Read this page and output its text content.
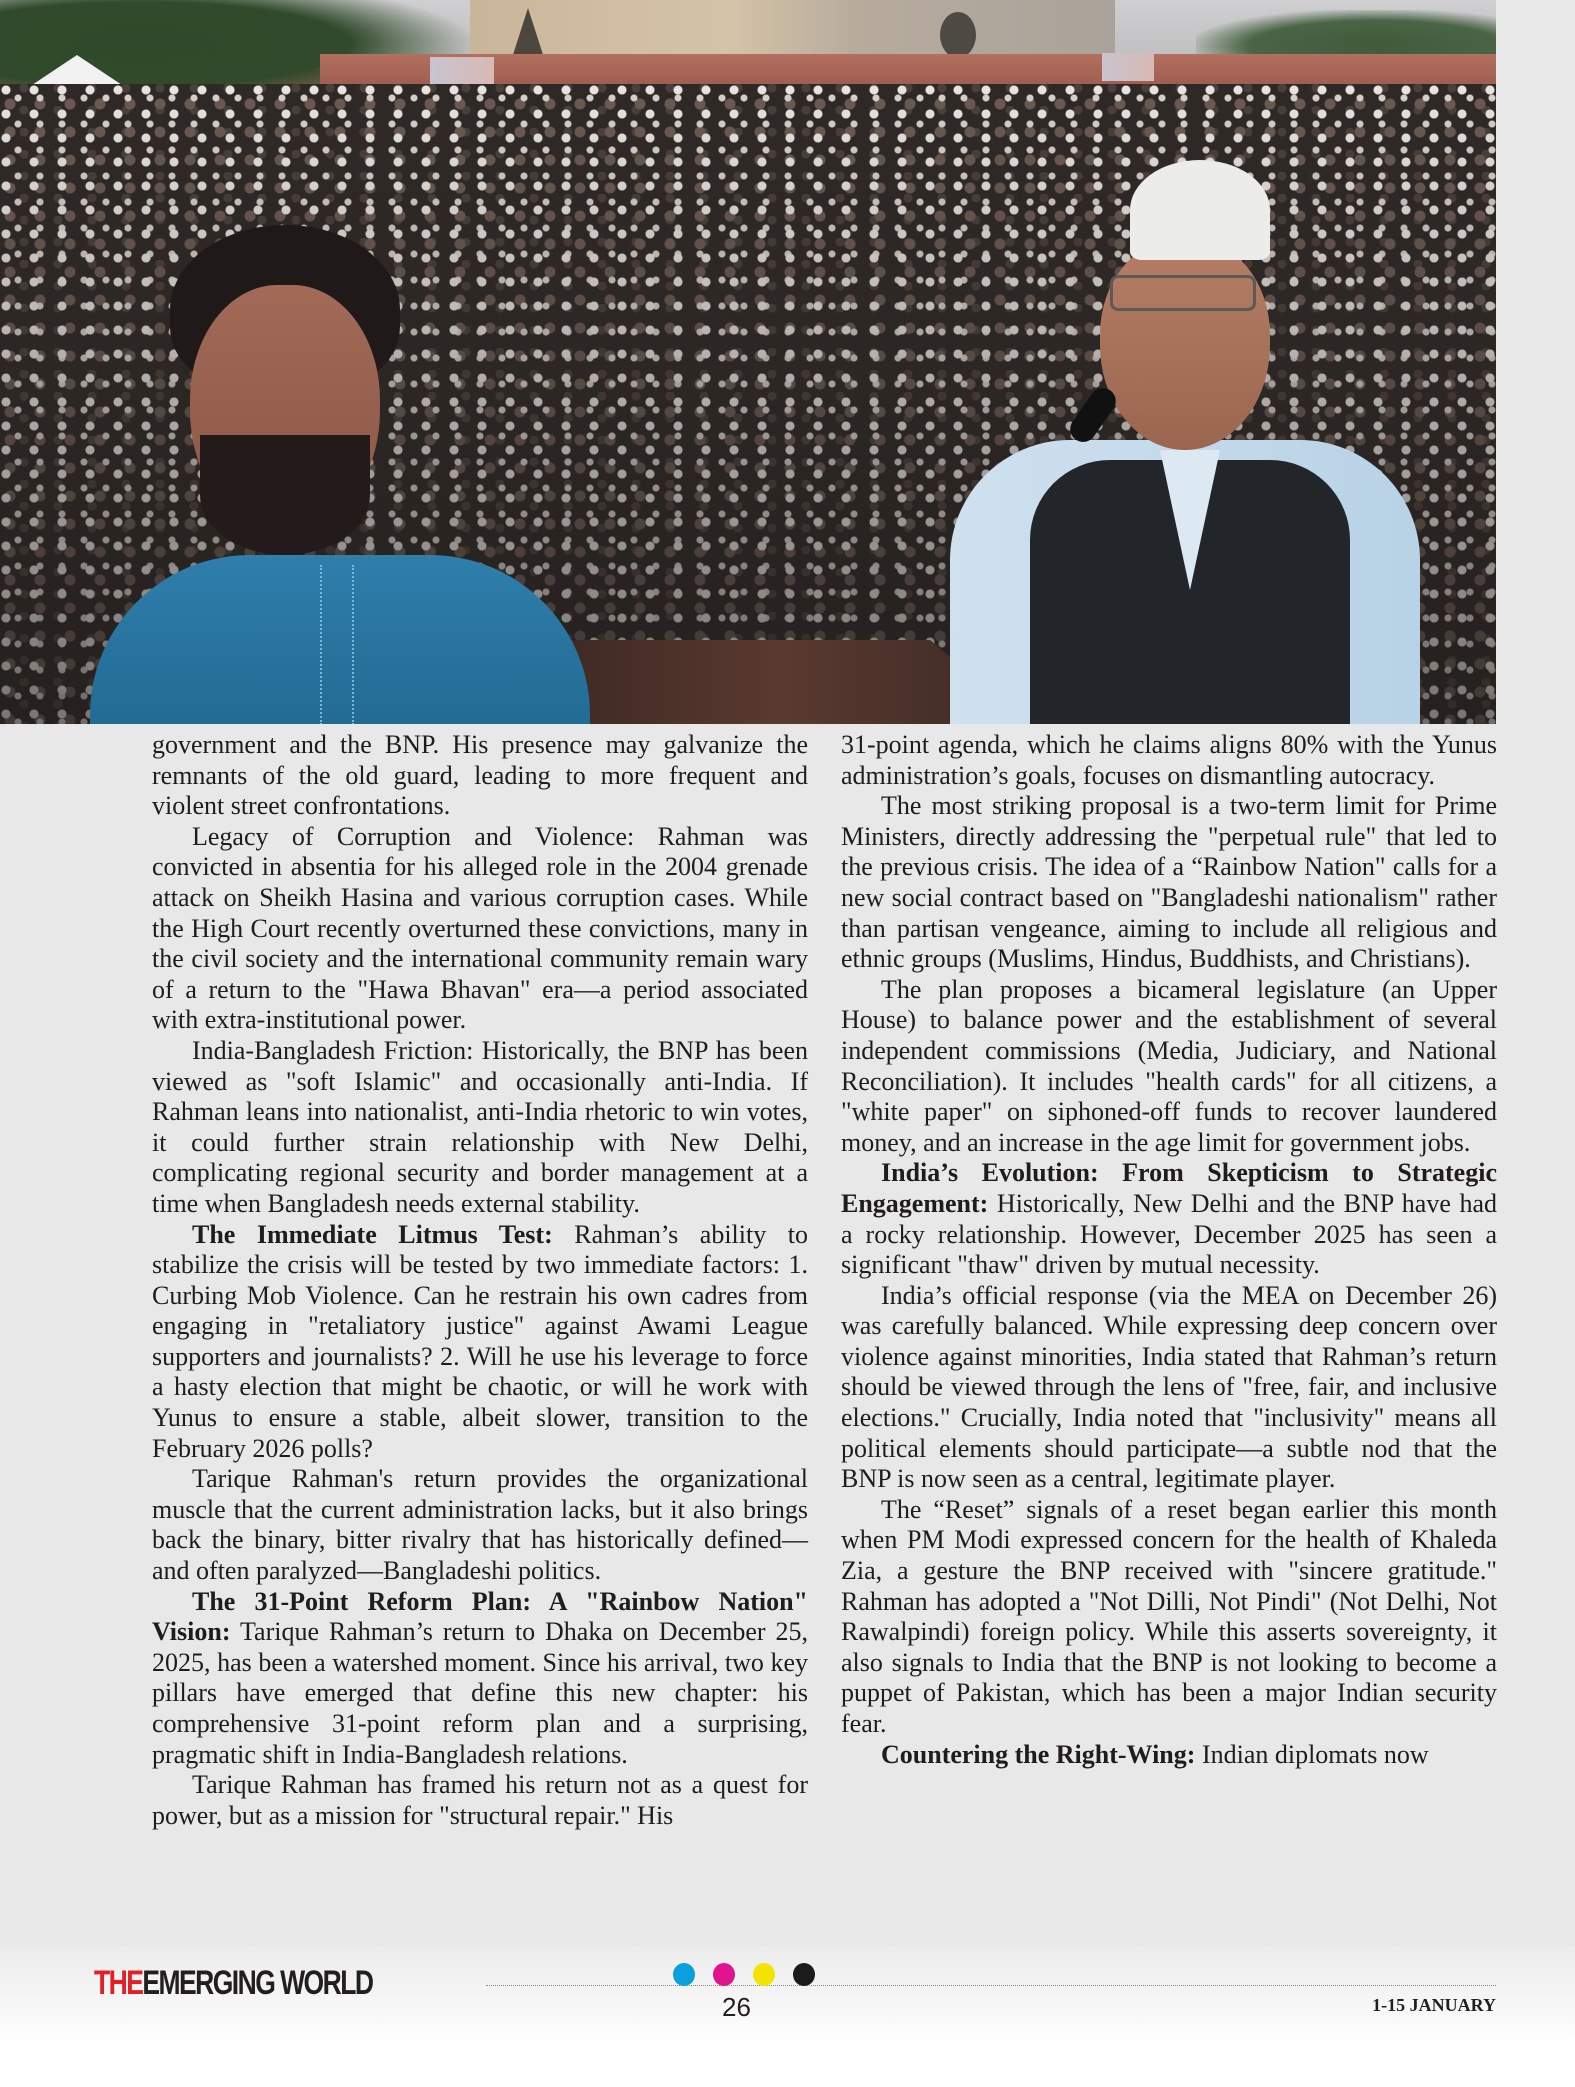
government and the BNP. His presence may galvanize the remnants of the old guard, leading to more frequent and violent street confrontations.

Legacy of Corruption and Violence: Rahman was convicted in absentia for his alleged role in the 2004 grenade attack on Sheikh Hasina and various corruption cases. While the High Court recently overturned these convictions, many in the civil society and the international community remain wary of a return to the "Hawa Bhavan" era—a period associated with extra-institutional power.

India-Bangladesh Friction: Historically, the BNP has been viewed as "soft Islamic" and occasionally anti-India. If Rahman leans into nationalist, anti-India rhetoric to win votes, it could further strain relationship with New Delhi, complicating regional security and border management at a time when Bangladesh needs external stability.

The Immediate Litmus Test: Rahman’s ability to stabilize the crisis will be tested by two immediate factors: 1. Curbing Mob Violence. Can he restrain his own cadres from engaging in "retaliatory justice" against Awami League supporters and journalists? 2. Will he use his leverage to force a hasty election that might be chaotic, or will he work with Yunus to ensure a stable, albeit slower, transition to the February 2026 polls?

Tarique Rahman's return provides the organizational muscle that the current administration lacks, but it also brings back the binary, bitter rivalry that has historically defined—and often paralyzed—Bangladeshi politics.

The 31-Point Reform Plan: A "Rainbow Nation" Vision: Tarique Rahman’s return to Dhaka on December 25, 2025, has been a watershed moment. Since his arrival, two key pillars have emerged that define this new chapter: his comprehensive 31-point reform plan and a surprising, pragmatic shift in India-Bangladesh relations.

Tarique Rahman has framed his return not as a quest for power, but as a mission for "structural repair." His

31-point agenda, which he claims aligns 80% with the Yunus administration’s goals, focuses on dismantling autocracy.

The most striking proposal is a two-term limit for Prime Ministers, directly addressing the "perpetual rule" that led to the previous crisis. The idea of a “Rainbow Nation" calls for a new social contract based on "Bangladeshi nationalism" rather than partisan vengeance, aiming to include all religious and ethnic groups (Muslims, Hindus, Buddhists, and Christians).

The plan proposes a bicameral legislature (an Upper House) to balance power and the establishment of several independent commissions (Media, Judiciary, and National Reconciliation). It includes "health cards" for all citizens, a "white paper" on siphoned-off funds to recover laundered money, and an increase in the age limit for government jobs.

India’s Evolution: From Skepticism to Strategic Engagement: Historically, New Delhi and the BNP have had a rocky relationship. However, December 2025 has seen a significant "thaw" driven by mutual necessity.

India’s official response (via the MEA on December 26) was carefully balanced. While expressing deep concern over violence against minorities, India stated that Rahman’s return should be viewed through the lens of "free, fair, and inclusive elections." Crucially, India noted that "inclusivity" means all political elements should participate—a subtle nod that the BNP is now seen as a central, legitimate player.

The “Reset” signals of a reset began earlier this month when PM Modi expressed concern for the health of Khaleda Zia, a gesture the BNP received with "sincere gratitude." Rahman has adopted a "Not Dilli, Not Pindi" (Not Delhi, Not Rawalpindi) foreign policy. While this asserts sovereignty, it also signals to India that the BNP is not looking to become a puppet of Pakistan, which has been a major Indian security fear.

Countering the Right-Wing: Indian diplomats now

THEEMERGING WORLD
26	1-15 JANUARY
